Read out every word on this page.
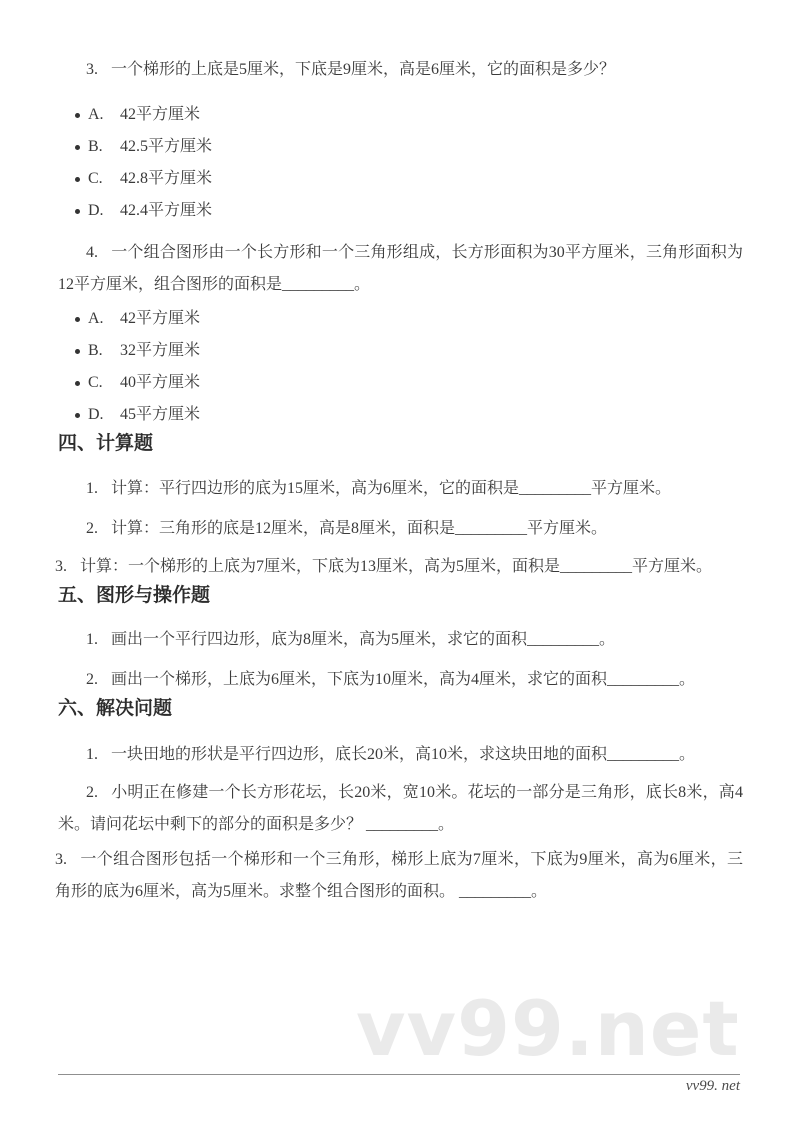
3. 一个梯形的上底是5厘米，下底是9厘米，高是6厘米，它的面积是多少？

A. 42平方厘米
B. 42.5平方厘米
C. 42.8平方厘米
D. 42.4平方厘米

4. 一个组合图形由一个长方形和一个三角形组成，长方形面积为30平方厘米，三角形面积为12平方厘米，组合图形的面积是_________。

A. 42平方厘米
B. 32平方厘米
C. 40平方厘米
D. 45平方厘米
四、计算题

1. 计算：平行四边形的底为15厘米，高为6厘米，它的面积是_________平方厘米。

2. 计算：三角形的底是12厘米，高是8厘米，面积是_________平方厘米。

3. 计算：一个梯形的上底为7厘米，下底为13厘米，高为5厘米，面积是_________平方厘米。

五、图形与操作题

1. 画出一个平行四边形，底为8厘米，高为5厘米，求它的面积_________。

2. 画出一个梯形，上底为6厘米，下底为10厘米，高为4厘米，求它的面积_________。

六、解决问题

1. 一块田地的形状是平行四边形，底长20米，高10米，求这块田地的面积_________。

2. 小明正在修建一个长方形花坛，长20米，宽10米。花坛的一部分是三角形，底长8米，高4米。请问花坛中剩下的部分的面积是多少？ _________。

3. 一个组合图形包括一个梯形和一个三角形，梯形上底为7厘米，下底为9厘米，高为6厘米，三角形的底为6厘米，高为5厘米。求整个组合图形的面积。 _________。

vv99.net
vv99. net
